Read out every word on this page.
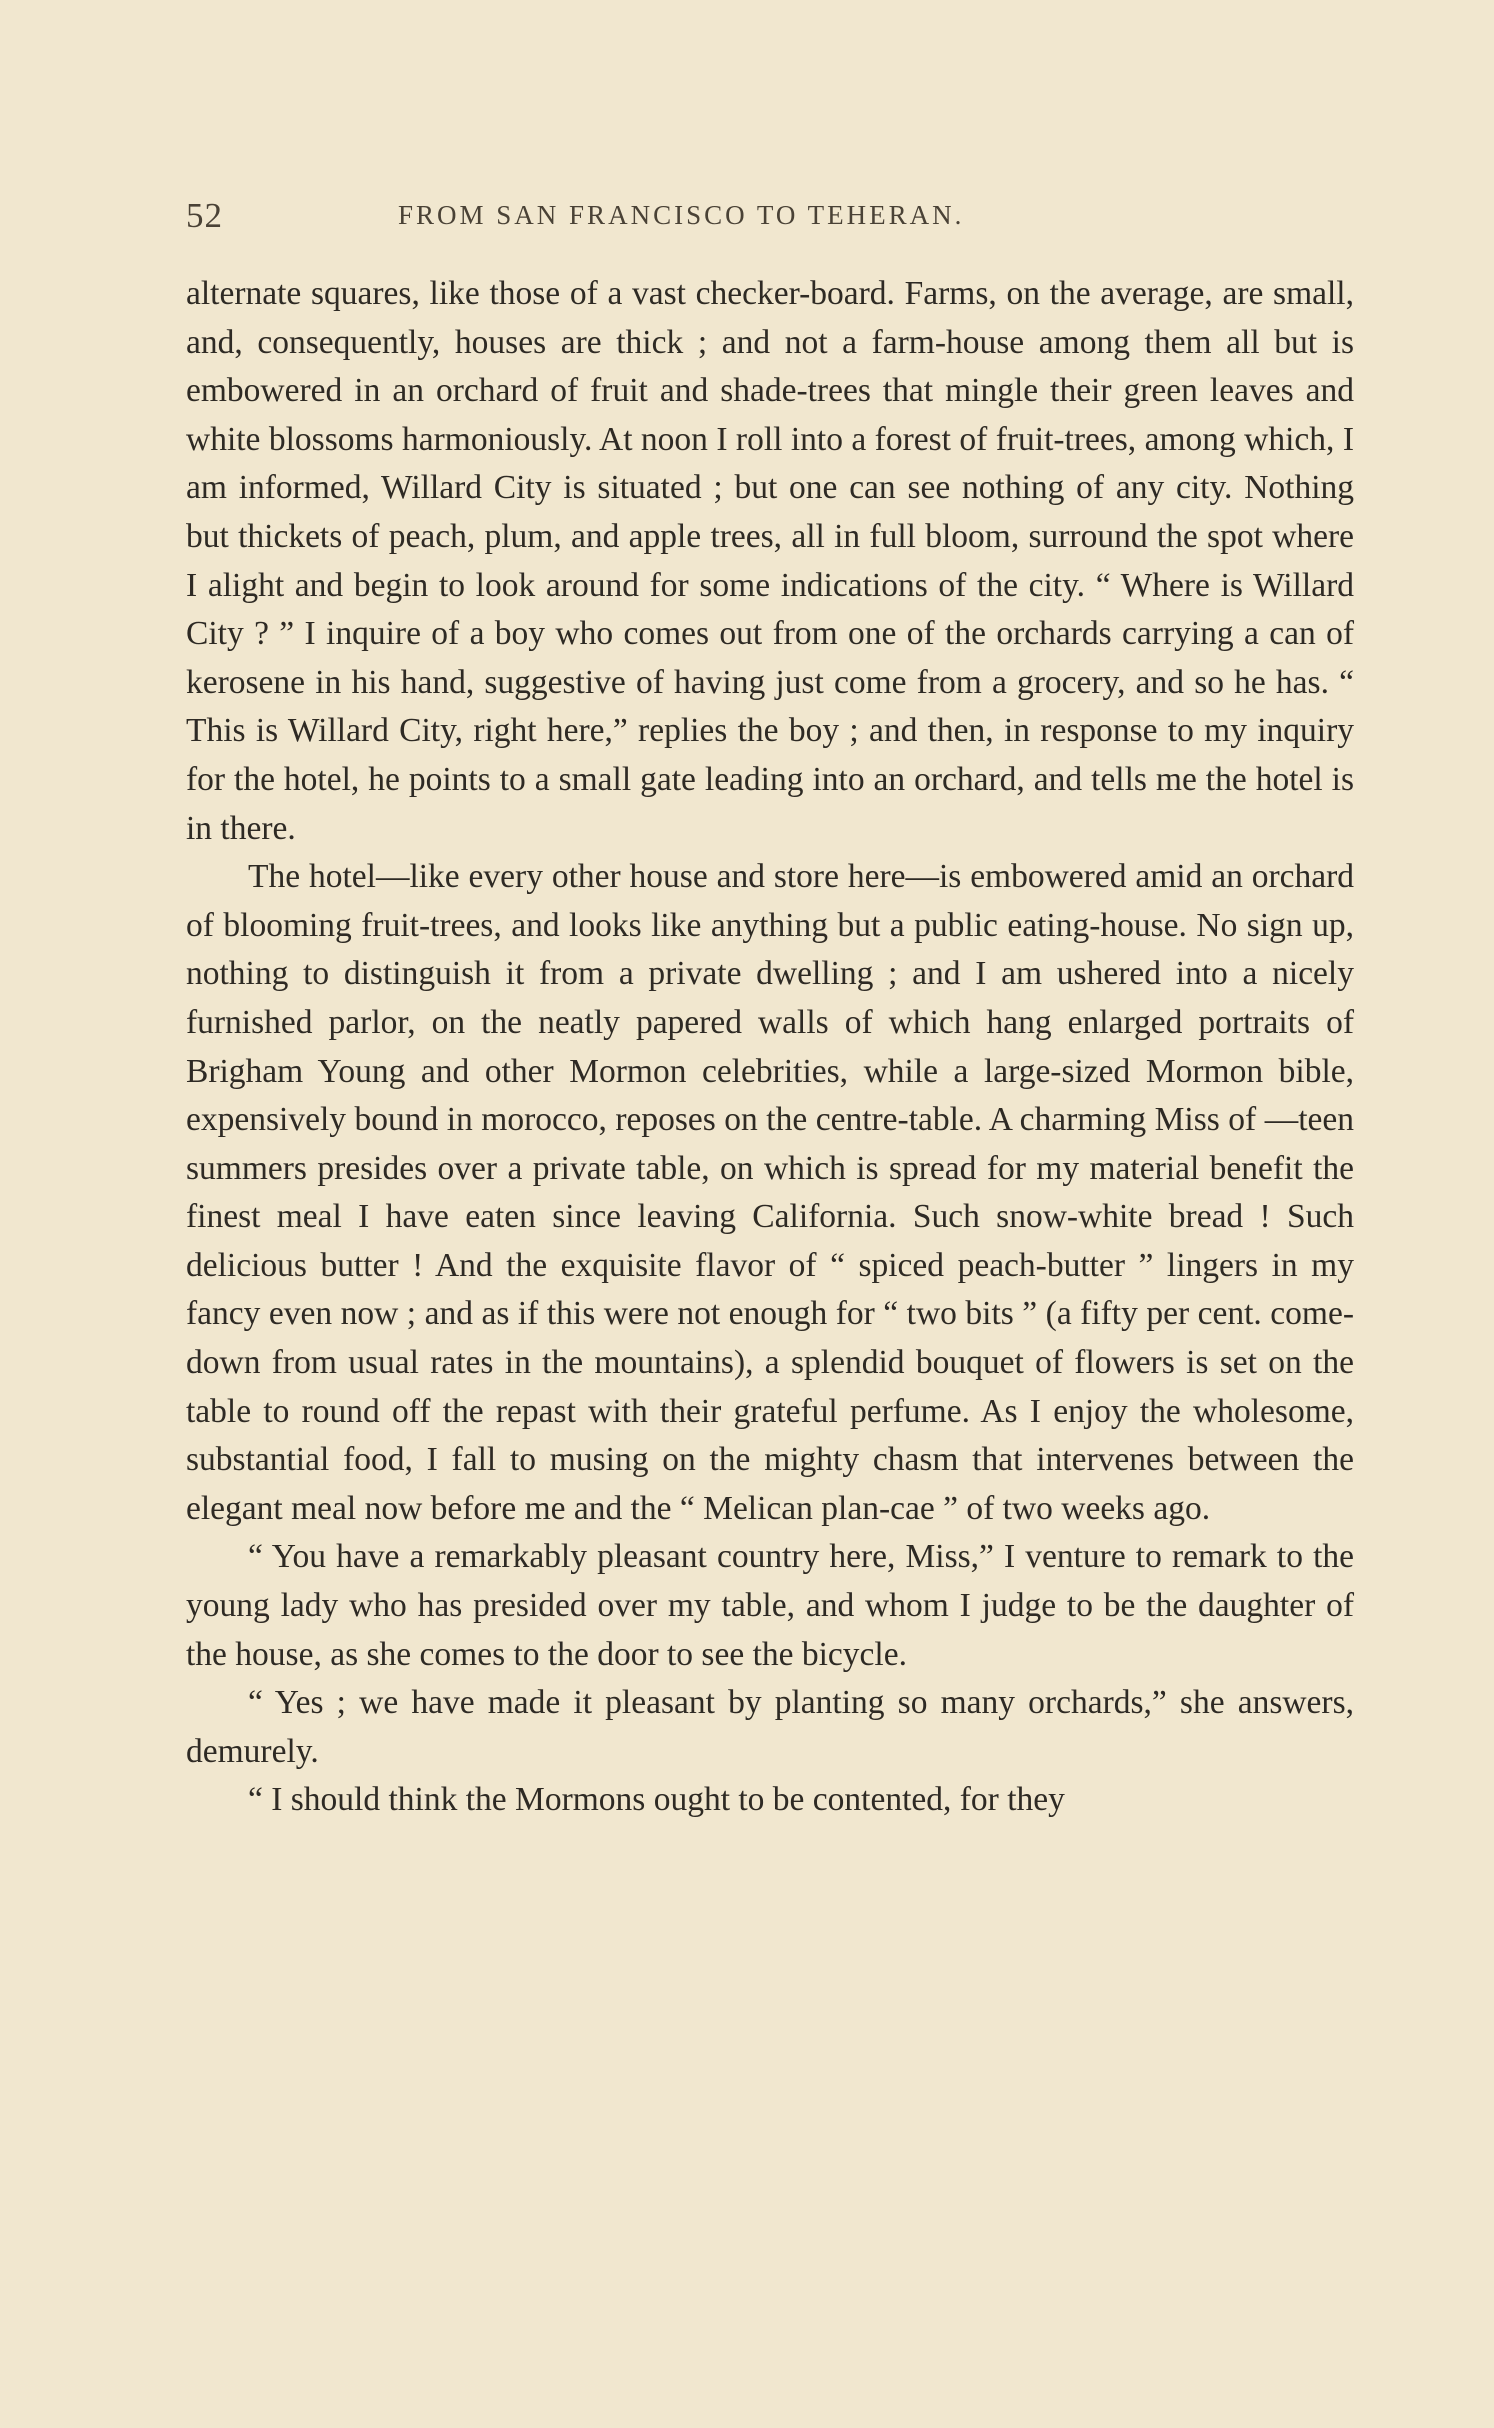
52	FROM SAN FRANCISCO TO TEHERAN.

alternate squares, like those of a vast checker-board. Farms, on the average, are small, and, consequently, houses are thick ; and not a farm-house among them all but is embowered in an orchard of fruit and shade-trees that mingle their green leaves and white blossoms harmoniously. At noon I roll into a forest of fruit-trees, among which, I am informed, Willard City is situated ; but one can see nothing of any city. Nothing but thickets of peach, plum, and apple trees, all in full bloom, surround the spot where I alight and begin to look around for some indications of the city. “ Where is Willard City ? ” I inquire of a boy who comes out from one of the orchards carrying a can of kerosene in his hand, suggestive of having just come from a grocery, and so he has. “ This is Willard City, right here,” replies the boy ; and then, in response to my inquiry for the hotel, he points to a small gate leading into an orchard, and tells me the hotel is in there.

The hotel—like every other house and store here—is embowered amid an orchard of blooming fruit-trees, and looks like anything but a public eating-house. No sign up, nothing to distinguish it from a private dwelling ; and I am ushered into a nicely furnished parlor, on the neatly papered walls of which hang enlarged portraits of Brigham Young and other Mormon celebrities, while a large-sized Mormon bible, expensively bound in morocco, reposes on the centre-table. A charming Miss of —teen summers presides over a private table, on which is spread for my material benefit the finest meal I have eaten since leaving California. Such snow-white bread ! Such delicious butter ! And the exquisite flavor of “ spiced peach-butter ” lingers in my fancy even now ; and as if this were not enough for “ two bits ” (a fifty per cent. come-down from usual rates in the mountains), a splendid bouquet of flowers is set on the table to round off the repast with their grateful perfume. As I enjoy the wholesome, substantial food, I fall to musing on the mighty chasm that intervenes between the elegant meal now before me and the “ Melican plan-cae ” of two weeks ago.

“ You have a remarkably pleasant country here, Miss,” I venture to remark to the young lady who has presided over my table, and whom I judge to be the daughter of the house, as she comes to the door to see the bicycle.

“ Yes ; we have made it pleasant by planting so many orchards,” she answers, demurely.

“ I should think the Mormons ought to be contented, for they
